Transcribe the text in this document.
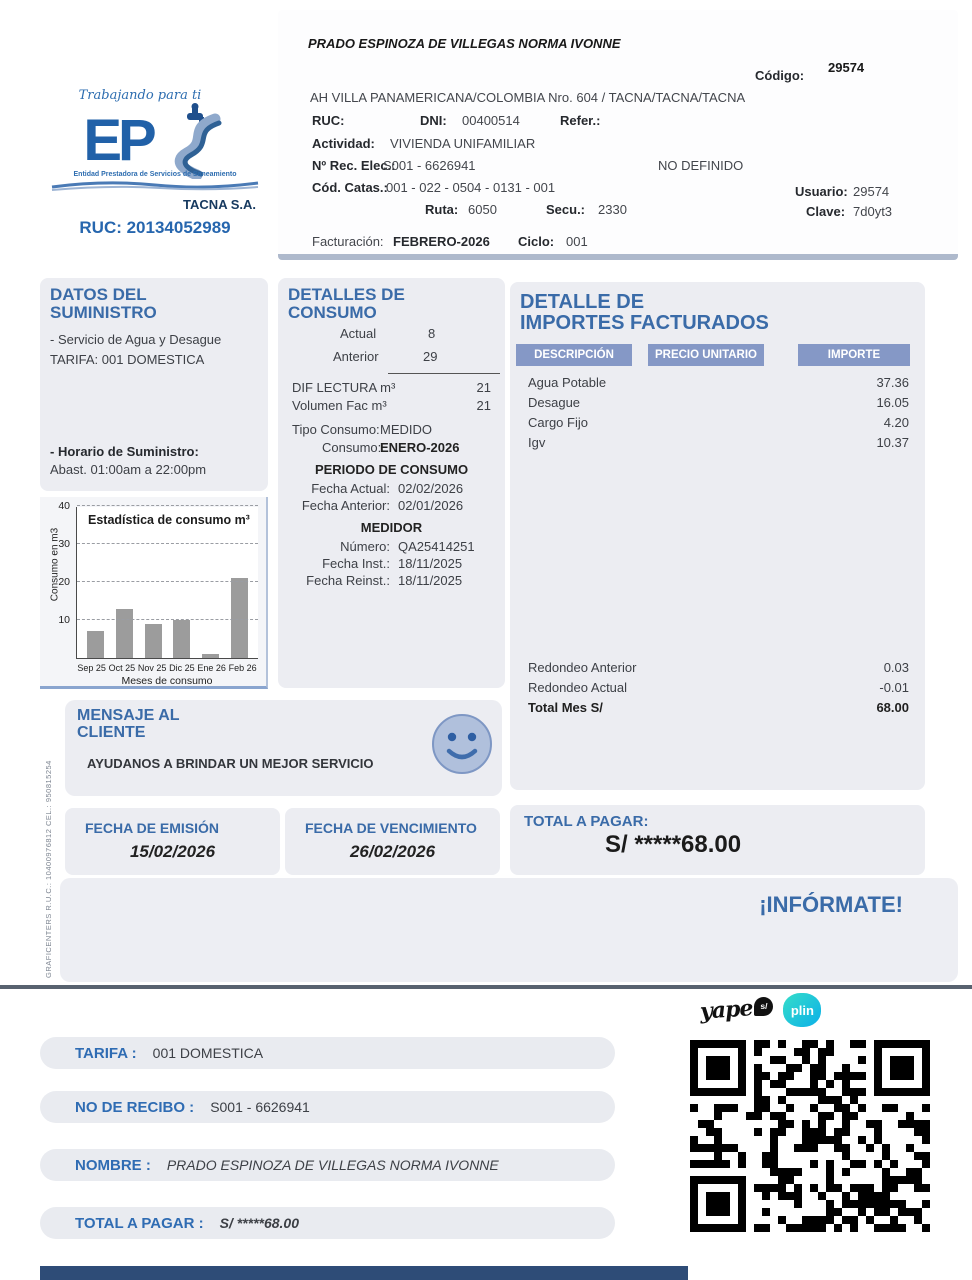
Trabajando para ti
EP
Entidad Prestadora de Servicios de Saneamiento
TACNA S.A.
RUC: 20134052989
PRADO ESPINOZA DE VILLEGAS NORMA IVONNE
Código:
29574
AH VILLA PANAMERICANA/COLOMBIA Nro. 604 / TACNA/TACNA/TACNA
RUC:	DNI: 00400514	Refer.:
Actividad: VIVIENDA UNIFAMILIAR
Nº Rec. Elec.:
S001 - 6626941	NO DEFINIDO
Cód. Catas.:
001 - 022 - 0504 - 0131 - 001
Ruta: 6050	Secu.: 2330
Usuario: 29574
Clave: 7d0yt3
Facturación: FEBRERO-2026 Ciclo: 001
DATOS DEL
SUMINISTRO
- Servicio de Agua y Desague
TARIFA: 001 DOMESTICA
- Horario de Suministro:
Abast. 01:00am a 22:00pm
Estadística de consumo m³
Consumo en m3
Sep 25 Oct 25 Nov 25 Dic 25 Ene 26 Feb 26
Meses de consumo
10
20
30
40
DETALLES DE
CONSUMO
Actual	8
Anterior	29
DIF LECTURA m³	21
Volumen Fac m³	21
Tipo Consumo: MEDIDO
Consumo:
ENERO-2026
PERIODO DE CONSUMO
Fecha Actual: 02/02/2026
Fecha Anterior: 02/01/2026
MEDIDOR
Número: QA25414251
Fecha Inst.: 18/11/2025
Fecha Reinst.: 18/11/2025
DETALLE DE
IMPORTES FACTURADOS
DESCRIPCIÓN	PRECIO UNITARIO	IMPORTE
Agua Potable	37.36
Desague	16.05
Cargo Fijo	4.20
Igv	10.37
Redondeo Anterior	0.03
Redondeo Actual	-0.01
Total Mes S/	68.00
MENSAJE AL
CLIENTE
AYUDANOS A BRINDAR UN MEJOR SERVICIO
FECHA DE EMISIÓN
15/02/2026
FECHA DE VENCIMIENTO
26/02/2026
TOTAL A PAGAR:
S/ *****68.00
¡INFÓRMATE!
GRAFICENTERS R.U.C.: 10400976812 CEL.: 950815254
yape s/	plin
TARIFA : 001 DOMESTICA
NO DE RECIBO : S001 - 6626941
NOMBRE : PRADO ESPINOZA DE VILLEGAS NORMA IVONNE
TOTAL A PAGAR : S/ *****68.00
